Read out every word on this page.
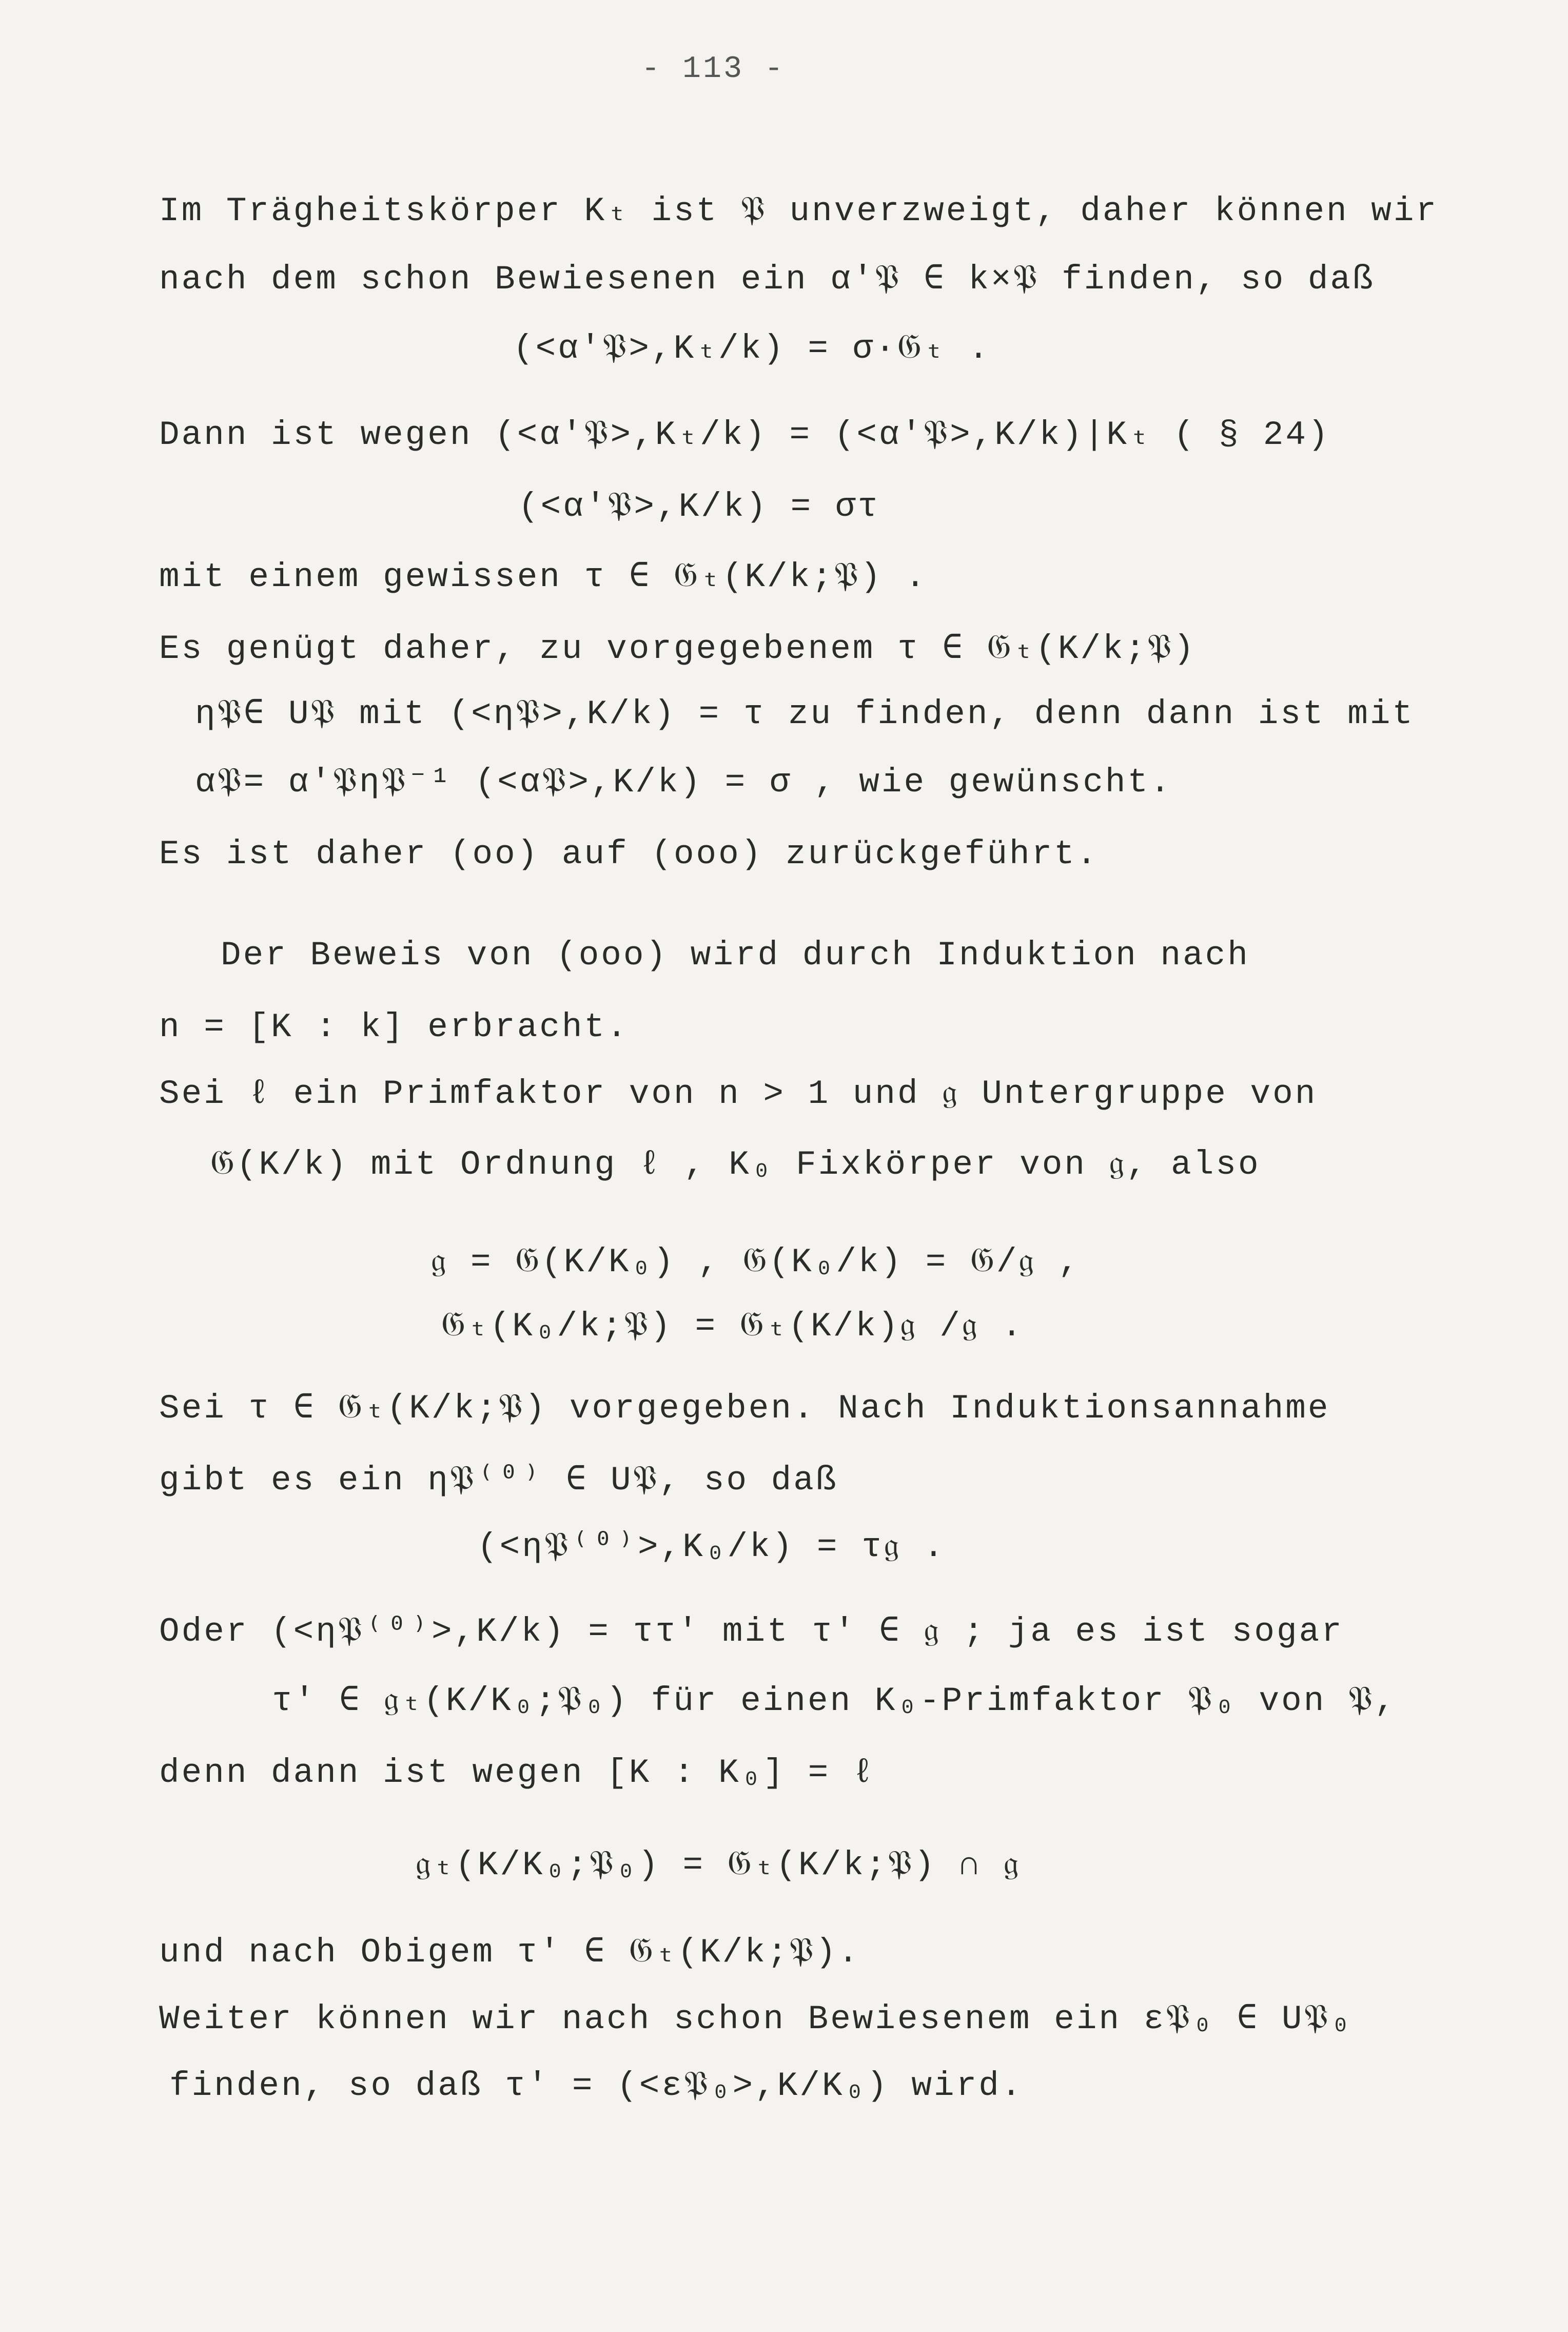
- 113 -
Im Trägheitskörper Kₜ ist 𝔓 unverzweigt, daher können wir
nach dem schon Bewiesenen ein α'𝔓 ∈ k×𝔓 finden, so daß
(<α'𝔓>,Kₜ/k) = σ·𝔊ₜ .
Dann ist wegen (<α'𝔓>,Kₜ/k) = (<α'𝔓>,K/k)|Kₜ ( § 24)
(<α'𝔓>,K/k) = στ
mit einem gewissen τ ∈ 𝔊ₜ(K/k;𝔓) .
Es genügt daher, zu vorgegebenem τ ∈ 𝔊ₜ(K/k;𝔓)
η𝔓∈ U𝔓 mit (<η𝔓>,K/k) = τ zu finden, denn dann ist mit
α𝔓= α'𝔓η𝔓⁻¹ (<α𝔓>,K/k) = σ , wie gewünscht.
Es ist daher (oo) auf (ooo) zurückgeführt.
Der Beweis von (ooo) wird durch Induktion nach
n = [K : k] erbracht.
Sei ℓ ein Primfaktor von n > 1 und 𝔤 Untergruppe von
𝔊(K/k) mit Ordnung ℓ , K₀ Fixkörper von 𝔤, also
𝔤 = 𝔊(K/K₀) , 𝔊(K₀/k) = 𝔊/𝔤 ,
𝔊ₜ(K₀/k;𝔓) = 𝔊ₜ(K/k)𝔤 /𝔤 .
Sei τ ∈ 𝔊ₜ(K/k;𝔓) vorgegeben. Nach Induktionsannahme
gibt es ein η𝔓⁽⁰⁾ ∈ U𝔓, so daß
(<η𝔓⁽⁰⁾>,K₀/k) = τ𝔤 .
Oder (<η𝔓⁽⁰⁾>,K/k) = ττ' mit τ' ∈ 𝔤 ; ja es ist sogar
τ' ∈ 𝔤ₜ(K/K₀;𝔓₀) für einen K₀-Primfaktor 𝔓₀ von 𝔓,
denn dann ist wegen [K : K₀] = ℓ
𝔤ₜ(K/K₀;𝔓₀) = 𝔊ₜ(K/k;𝔓) ∩ 𝔤
und nach Obigem τ' ∈ 𝔊ₜ(K/k;𝔓).
Weiter können wir nach schon Bewiesenem ein ε𝔓₀ ∈ U𝔓₀
finden, so daß τ' = (<ε𝔓₀>,K/K₀) wird.
